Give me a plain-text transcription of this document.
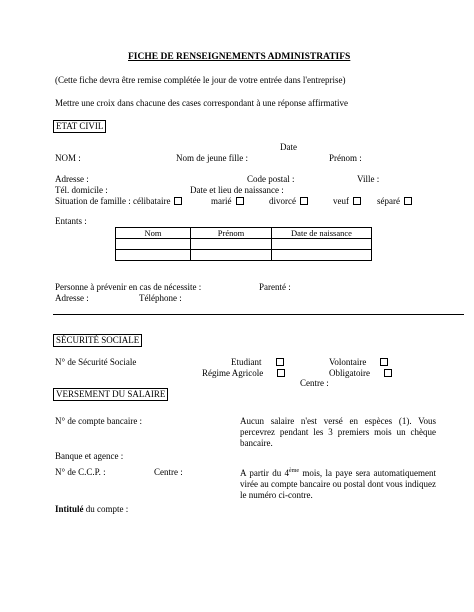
FICHE DE RENSEIGNEMENTS ADMINISTRATIFS
(Cette fiche devra être remise complétée le jour de votre entrée dans l'entreprise)
Mettre une croix dans chacune des cases correspondant à une réponse affirmative
ETAT CIVIL
Date
NOM :	Nom de jeune fille :	Prénom :
Adresse :	Code postal :	Ville :
Tél. domicile :	Date et lieu de naissance :
Situation de famille : célibataire	marié	divorcé	veuf	séparé
Entants :
Nom	Prénom	Date de naissance

Personne à prévenir en cas de nécessite :	Parenté :
Adresse :	Téléphone :
SÉCURITÉ SOCIALE
N° de Sécurité Sociale	Etudiant	Volontaire
Régime Agricole	Obligatoire
Centre :
VERSEMENT DU SALAIRE
N° de compte bancaire :	Aucun salaire n'est versé en espèces (1). Vous percevrez pendant les 3 premiers mois un chèque bancaire.
Banque et agence :
N° de C.C.P. :	Centre :	A partir du 4ème mois, la paye sera automatiquement virée au compte bancaire ou postal dont vous indiquez le numéro ci-contre.
Intitulé du compte :
